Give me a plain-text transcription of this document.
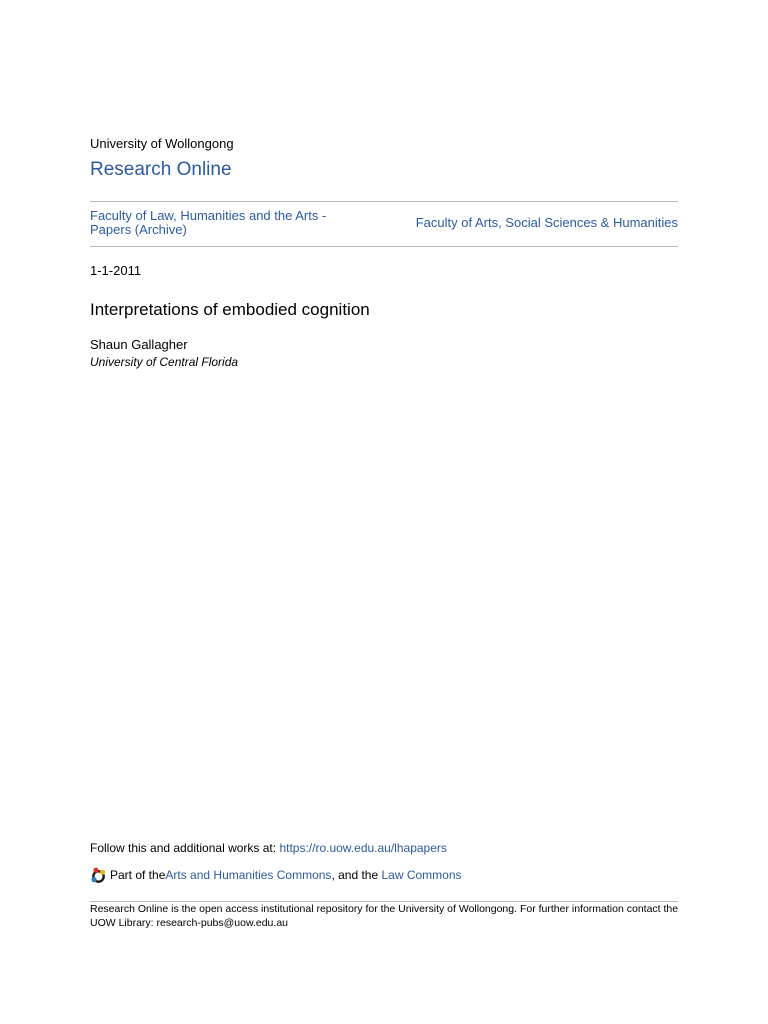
University of Wollongong
Research Online
Faculty of Law, Humanities and the Arts - Papers (Archive)	Faculty of Arts, Social Sciences & Humanities
1-1-2011
Interpretations of embodied cognition
Shaun Gallagher
University of Central Florida
Follow this and additional works at: https://ro.uow.edu.au/lhapapers
Part of the Arts and Humanities Commons , and the Law Commons
Research Online is the open access institutional repository for the University of Wollongong. For further information contact the UOW Library: research-pubs@uow.edu.au
